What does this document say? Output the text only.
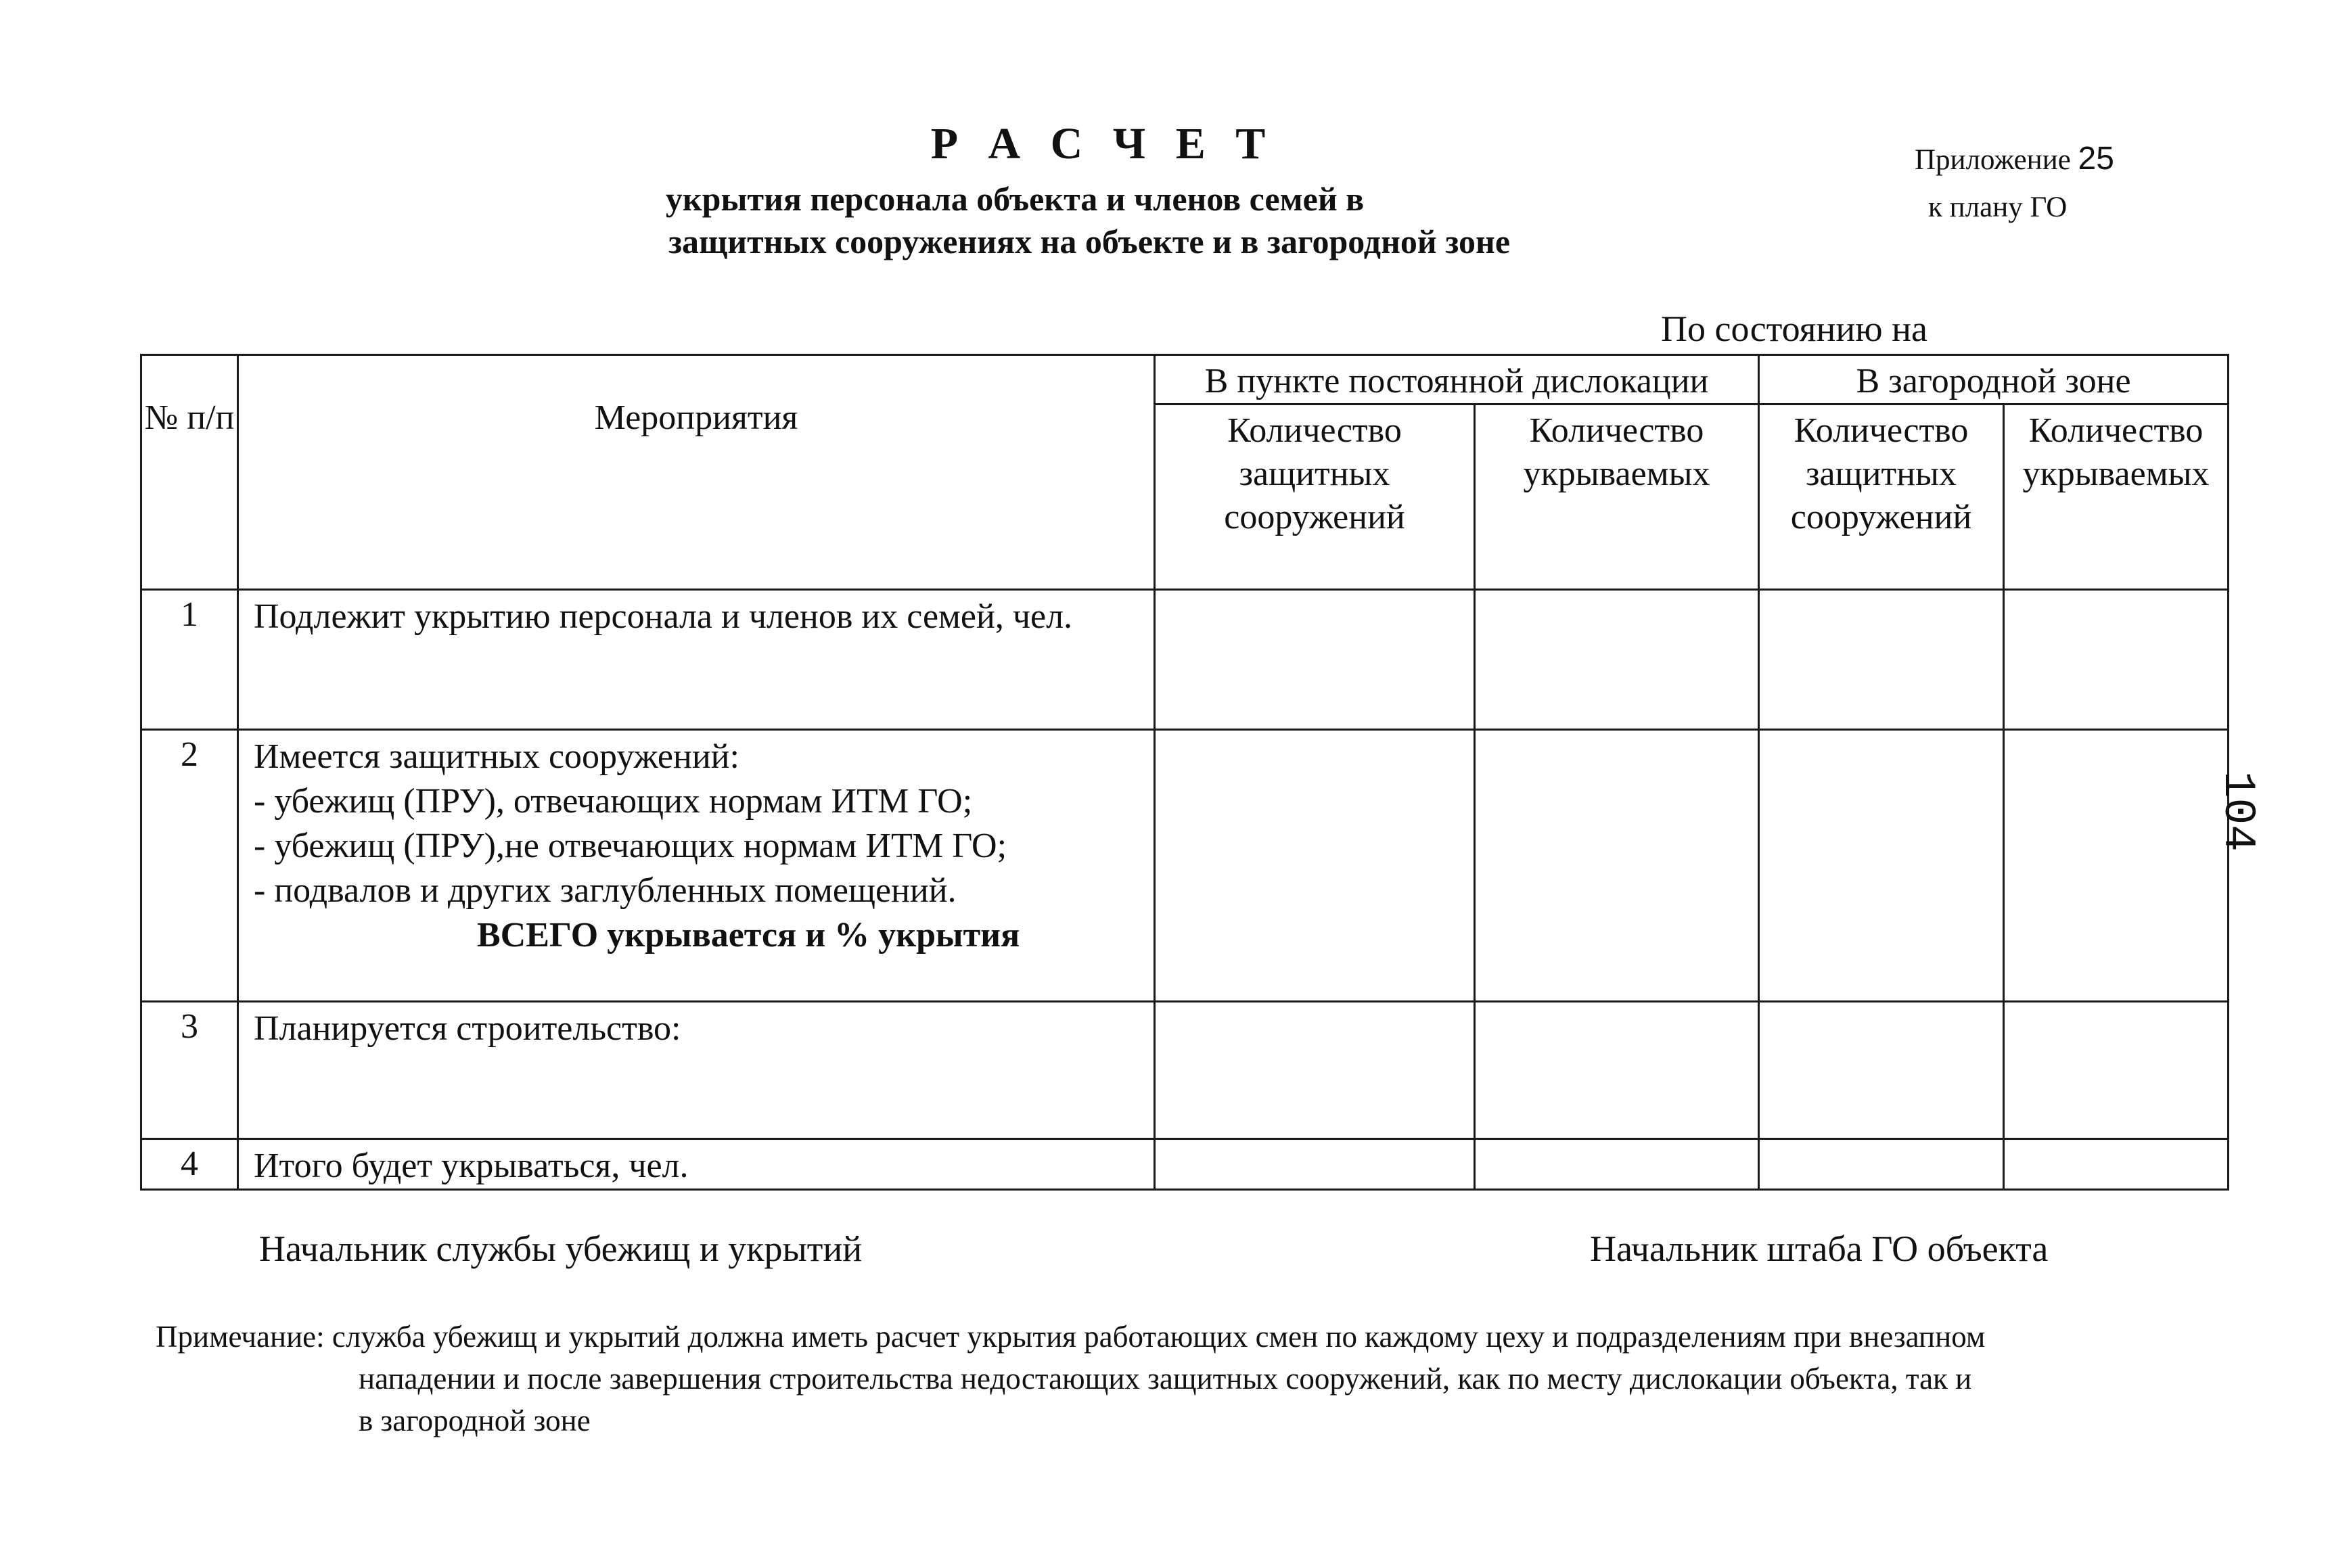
Р А С Ч Е Т
укрытия персонала объекта и членов семей в
защитных сооружениях на объекте и в загородной зоне
Приложение 25
к плану ГО
По состоянию на
№ п/п	Мероприятия	В пункте постоянной дислокации		В загородной зоне	
		Количество защитных сооружений	Количество укрываемых	Количество защитных сооружений	Количество укрываемых
1	Подлежит укрытию персонала и членов их семей, чел.				
2	Имеется защитных сооружений:
- убежищ (ПРУ), отвечающих нормам ИТМ ГО;
- убежищ (ПРУ),не отвечающих нормам ИТМ ГО;
- подвалов и других заглубленных помещений.
ВСЕГО укрывается и % укрытия				

3	Планируется строительство:				
4	Итого будет укрываться, чел.				
Начальник службы убежищ и укрытий	Начальник штаба ГО объекта
Примечание: служба убежищ и укрытий должна иметь расчет укрытия работающих смен по каждому цеху и подразделениям при внезапном
нападении и после завершения строительства недостающих защитных сооружений, как по месту дислокации объекта, так и
в загородной зоне
104
